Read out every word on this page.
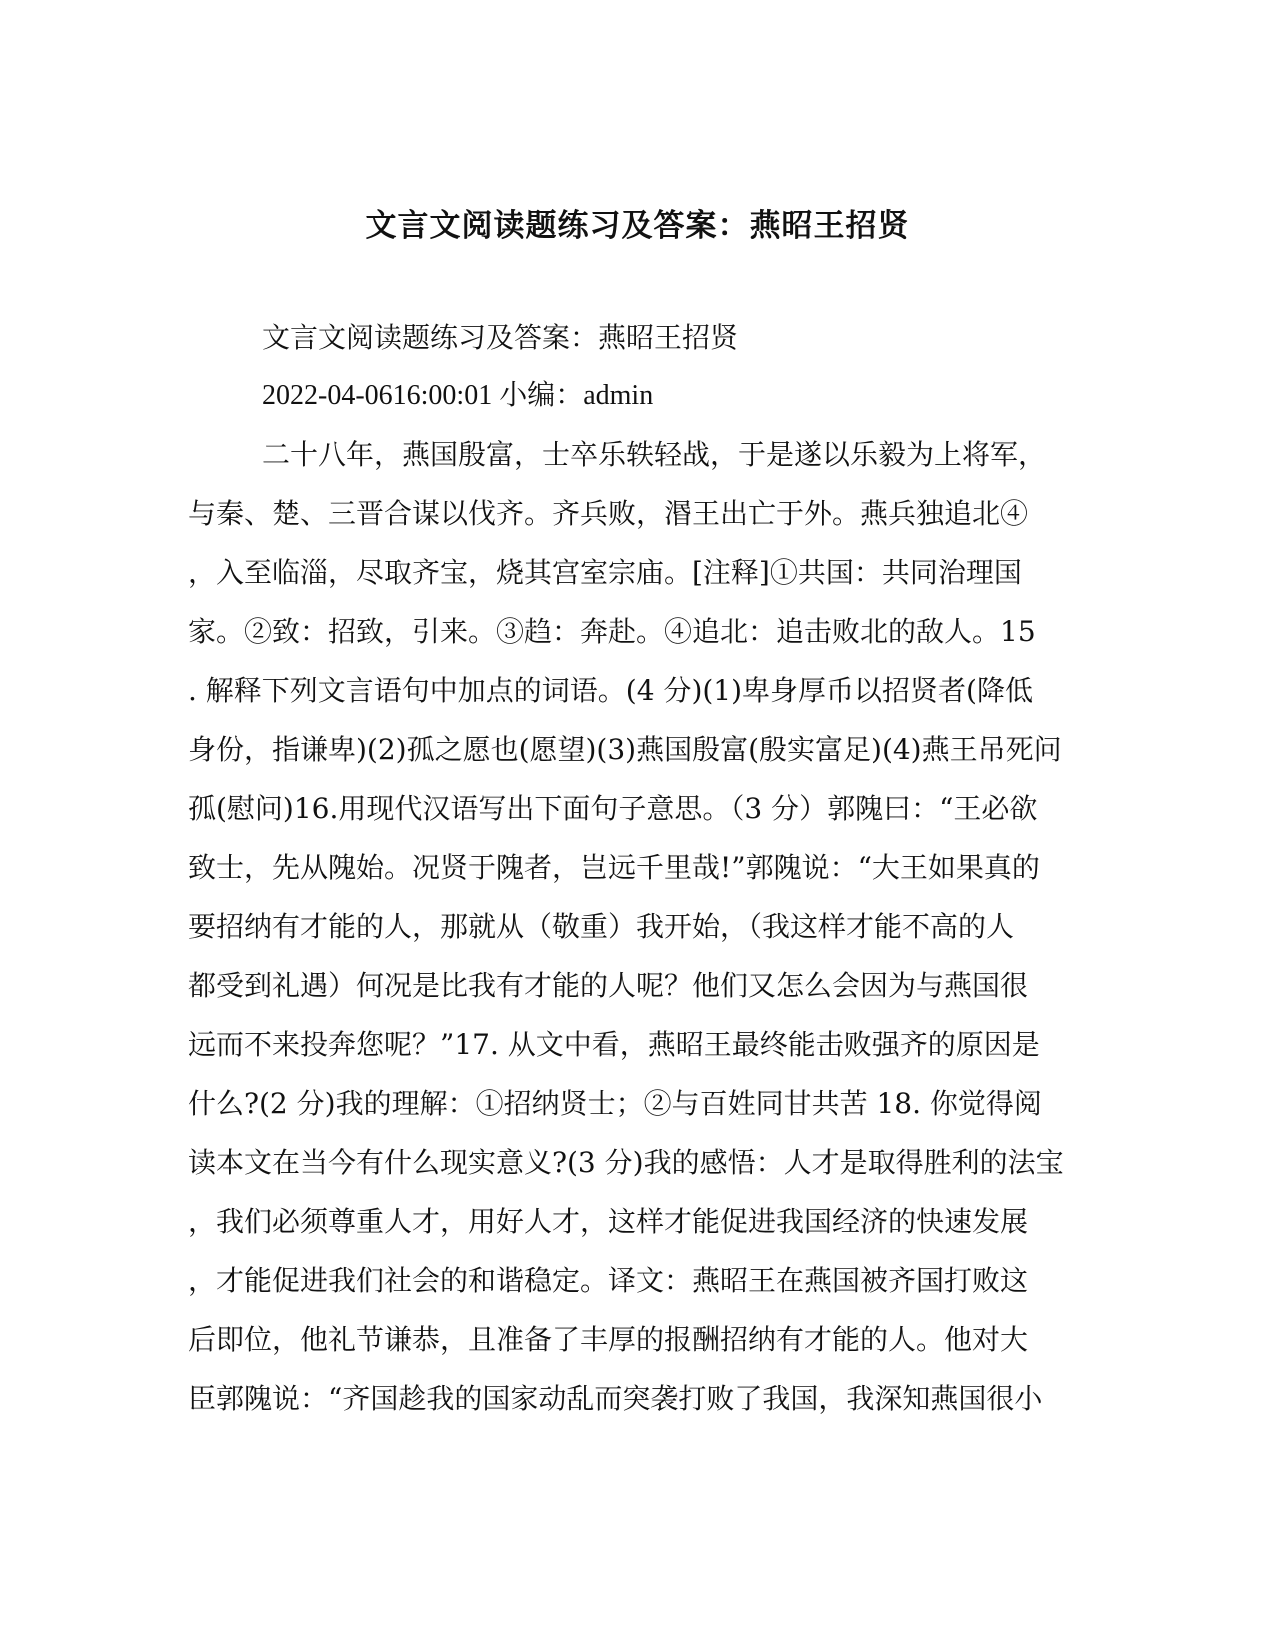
文言文阅读题练习及答案：燕昭王招贤

文言文阅读题练习及答案：燕昭王招贤

2022-04-0616:00:01 小编：admin

二十八年，燕国殷富，士卒乐轶轻战，于是遂以乐毅为上将军，

与秦、楚、三晋合谋以伐齐。齐兵败，湣王出亡于外。燕兵独追北④

，入至临淄，尽取齐宝，烧其宫室宗庙。[注释]①共国：共同治理国

家。②致：招致，引来。③趋：奔赴。④追北：追击败北的敌人。15

. 解释下列文言语句中加点的词语。(4 分)(1)卑身厚币以招贤者(降低

身份，指谦卑)(2)孤之愿也(愿望)(3)燕国殷富(殷实富足)(4)燕王吊死问

孤(慰问)16.用现代汉语写出下面句子意思。（3 分）郭隗曰：“王必欲

致士，先从隗始。况贤于隗者，岂远千里哉!”郭隗说：“大王如果真的

要招纳有才能的人，那就从（敬重）我开始，（我这样才能不高的人

都受到礼遇）何况是比我有才能的人呢？他们又怎么会因为与燕国很

远而不来投奔您呢？”17. 从文中看，燕昭王最终能击败强齐的原因是

什么?(2 分)我的理解：①招纳贤士；②与百姓同甘共苦 18. 你觉得阅

读本文在当今有什么现实意义?(3 分)我的感悟：人才是取得胜利的法宝

，我们必须尊重人才，用好人才，这样才能促进我国经济的快速发展

，才能促进我们社会的和谐稳定。译文：燕昭王在燕国被齐国打败这

后即位，他礼节谦恭，且准备了丰厚的报酬招纳有才能的人。他对大

臣郭隗说：“齐国趁我的国家动乱而突袭打败了我国，我深知燕国很小
